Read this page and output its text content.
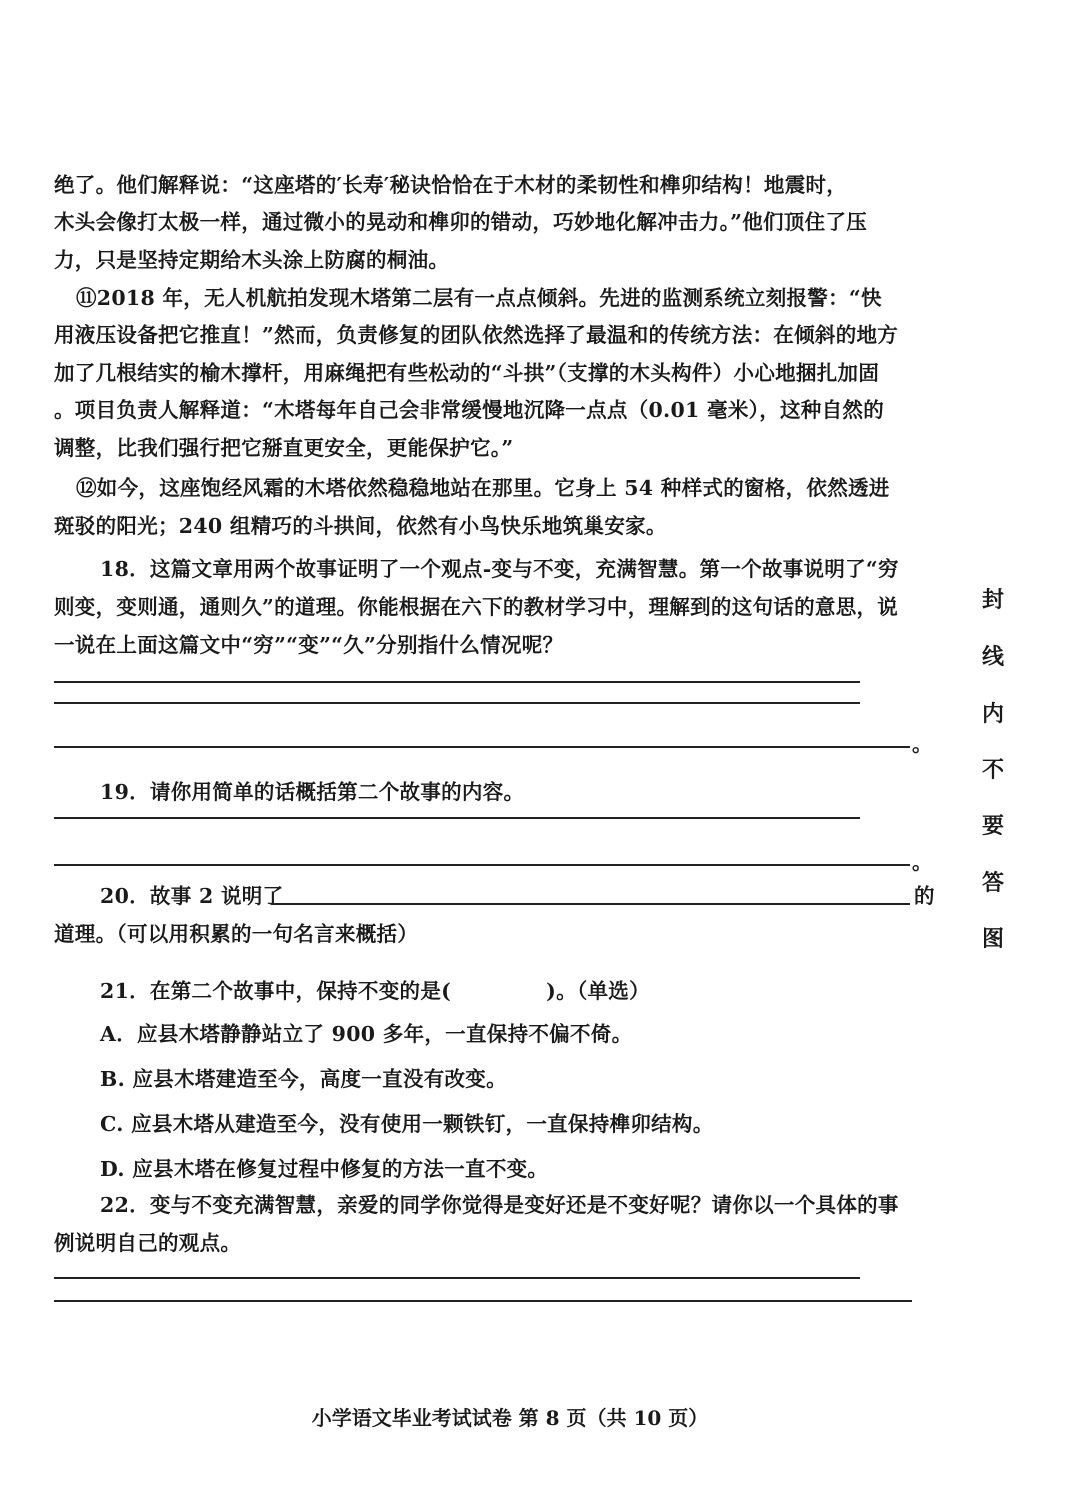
绝了。他们解释说：“这座塔的′长寿′秘诀恰恰在于木材的柔韧性和榫卯结构！地震时，
木头会像打太极一样，通过微小的晃动和榫卯的错动，巧妙地化解冲击力。”他们顶住了压
力，只是坚持定期给木头涂上防腐的桐油。
⑪2018 年，无人机航拍发现木塔第二层有一点点倾斜。先进的监测系统立刻报警：“快
用液压设备把它推直！”然而，负责修复的团队依然选择了最温和的传统方法：在倾斜的地方
加了几根结实的榆木撑杆，用麻绳把有些松动的“斗拱”（支撑的木头构件）小心地捆扎加固
。项目负责人解释道：“木塔每年自己会非常缓慢地沉降一点点（0.01 毫米），这种自然的
调整，比我们强行把它掰直更安全，更能保护它。”
⑫如今，这座饱经风霜的木塔依然稳稳地站在那里。它身上 54 种样式的窗格，依然透进
斑驳的阳光；240 组精巧的斗拱间，依然有小鸟快乐地筑巢安家。
18．这篇文章用两个故事证明了一个观点-变与不变，充满智慧。第一个故事说明了“穷
则变，变则通，通则久”的道理。你能根据在六下的教材学习中，理解到的这句话的意思，说
一说在上面这篇文中“穷”“变”“久”分别指什么情况呢？
。
19．请你用简单的话概括第二个故事的内容。
。
20．故事 2 说明了	的
道理。（可以用积累的一句名言来概括）
21．在第二个故事中，保持不变的是(	)。（单选）
A．应县木塔静静站立了 900 多年，一直保持不偏不倚。
B. 应县木塔建造至今，高度一直没有改变。
C. 应县木塔从建造至今，没有使用一颗铁钉，一直保持榫卯结构。
D. 应县木塔在修复过程中修复的方法一直不变。
22．变与不变充满智慧，亲爱的同学你觉得是变好还是不变好呢？请你以一个具体的事
例说明自己的观点。
封
线
内
不
要
答
图
小学语文毕业考试试卷 第 8 页（共 10 页）
